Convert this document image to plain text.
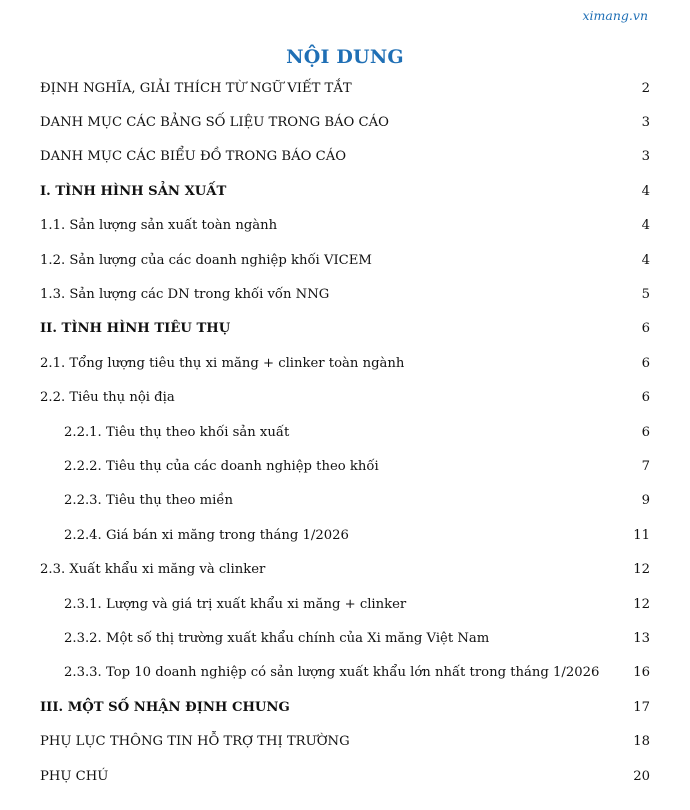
ximang.vn
NỘI DUNG
ĐỊNH NGHĨA, GIẢI THÍCH TỪ NGỮ VIẾT TẮT	2
DANH MỤC CÁC BẢNG SỐ LIỆU TRONG BÁO CÁO	3
DANH MỤC CÁC BIỂU ĐỒ TRONG BÁO CÁO	3
I. TÌNH HÌNH SẢN XUẤT	4
1.1. Sản lượng sản xuất toàn ngành	4
1.2. Sản lượng của các doanh nghiệp khối VICEM	4
1.3. Sản lượng các DN trong khối vốn NNG	5
II. TÌNH HÌNH TIÊU THỤ	6
2.1. Tổng lượng tiêu thụ xi măng + clinker toàn ngành	6
2.2. Tiêu thụ nội địa	6
2.2.1. Tiêu thụ theo khối sản xuất	6
2.2.2. Tiêu thụ của các doanh nghiệp theo khối	7
2.2.3. Tiêu thụ theo miền	9
2.2.4. Giá bán xi măng trong tháng 1/2026	11
2.3. Xuất khẩu xi măng và clinker	12
2.3.1. Lượng và giá trị xuất khẩu xi măng + clinker	12
2.3.2. Một số thị trường xuất khẩu chính của Xi măng Việt Nam	13
2.3.3. Top 10 doanh nghiệp có sản lượng xuất khẩu lớn nhất trong tháng 1/2026	16
III. MỘT SỐ NHẬN ĐỊNH CHUNG	17
PHỤ LỤC THÔNG TIN HỖ TRỢ THỊ TRƯỜNG	18
PHỤ CHÚ	20
